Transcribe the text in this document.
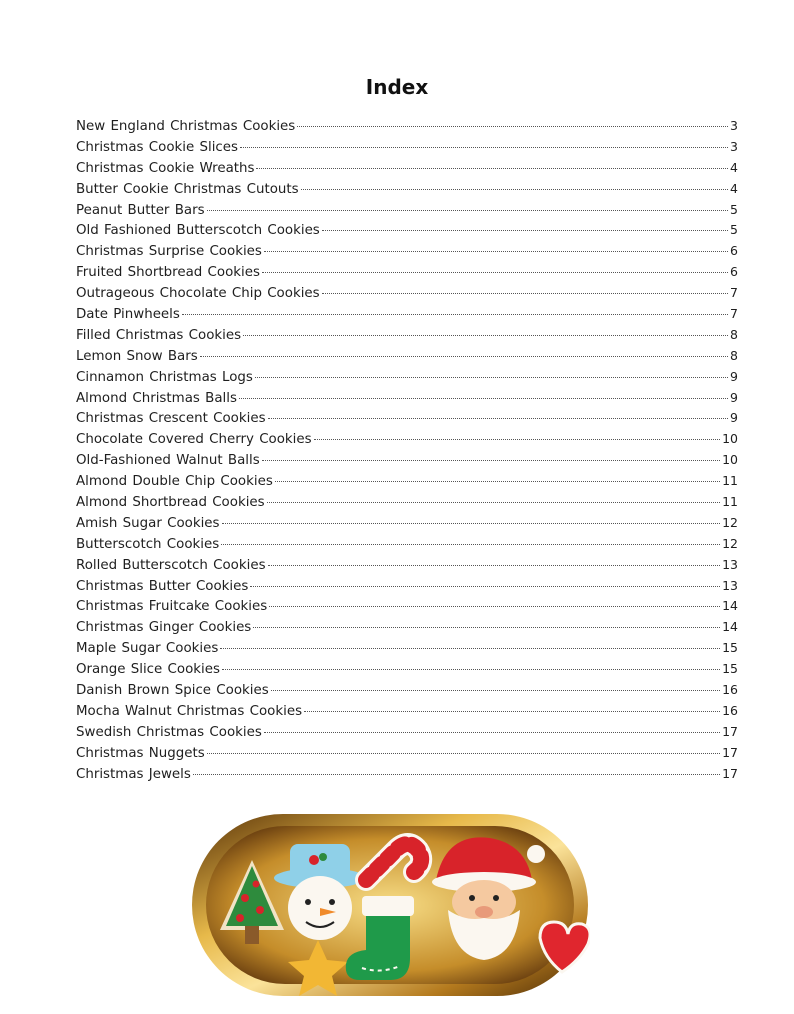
Index
New England Christmas Cookies	3
Christmas Cookie Slices	3
Christmas Cookie Wreaths	4
Butter Cookie Christmas Cutouts	4
Peanut Butter Bars	5
Old Fashioned Butterscotch Cookies	5
Christmas Surprise Cookies	6
Fruited Shortbread Cookies	6
Outrageous Chocolate Chip Cookies	7
Date Pinwheels	7
Filled Christmas Cookies	8
Lemon Snow Bars	8
Cinnamon Christmas Logs	9
Almond Christmas Balls	9
Christmas Crescent Cookies	9
Chocolate Covered Cherry Cookies	10
Old-Fashioned Walnut Balls	10
Almond Double Chip Cookies	11
Almond Shortbread Cookies	11
Amish Sugar Cookies	12
Butterscotch Cookies	12
Rolled Butterscotch Cookies	13
Christmas Butter Cookies	13
Christmas Fruitcake Cookies	14
Christmas Ginger Cookies	14
Maple Sugar Cookies	15
Orange Slice Cookies	15
Danish Brown Spice Cookies	16
Mocha Walnut Christmas Cookies	16
Swedish Christmas Cookies	17
Christmas Nuggets	17
Christmas Jewels	17
